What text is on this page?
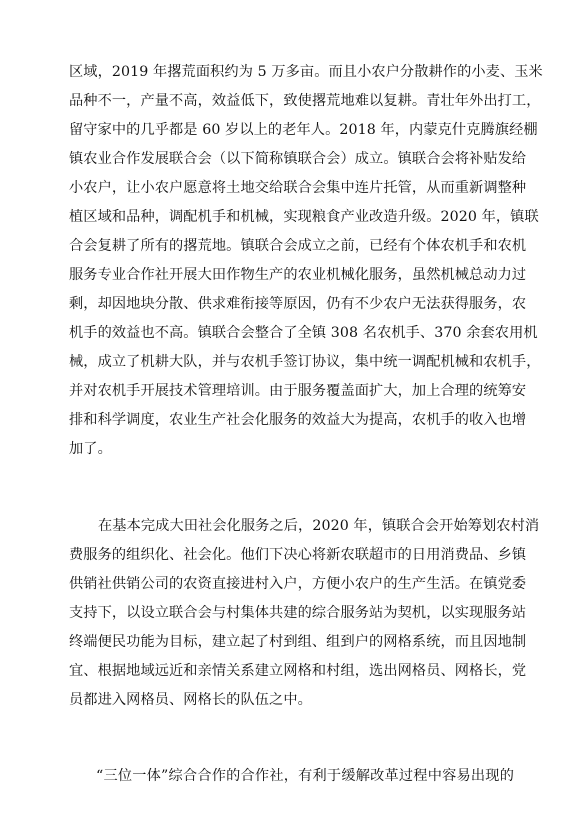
区域，2019 年撂荒面积约为 5 万多亩。而且小农户分散耕作的小麦、玉米
品种不一，产量不高，效益低下，致使撂荒地难以复耕。青壮年外出打工，
留守家中的几乎都是 60 岁以上的老年人。2018 年，内蒙克什克腾旗经棚
镇农业合作发展联合会（以下简称镇联合会）成立。镇联合会将补贴发给
小农户，让小农户愿意将土地交给联合会集中连片托管，从而重新调整种
植区域和品种，调配机手和机械，实现粮食产业改造升级。2020 年，镇联
合会复耕了所有的撂荒地。镇联合会成立之前，已经有个体农机手和农机
服务专业合作社开展大田作物生产的农业机械化服务，虽然机械总动力过
剩，却因地块分散、供求难衔接等原因，仍有不少农户无法获得服务，农
机手的效益也不高。镇联合会整合了全镇 308 名农机手、370 余套农用机
械，成立了机耕大队，并与农机手签订协议，集中统一调配机械和农机手，
并对农机手开展技术管理培训。由于服务覆盖面扩大，加上合理的统筹安
排和科学调度，农业生产社会化服务的效益大为提高，农机手的收入也增
加了。
在基本完成大田社会化服务之后，2020 年，镇联合会开始筹划农村消
费服务的组织化、社会化。他们下决心将新农联超市的日用消费品、乡镇
供销社供销公司的农资直接进村入户，方便小农户的生产生活。在镇党委
支持下，以设立联合会与村集体共建的综合服务站为契机，以实现服务站
终端便民功能为目标，建立起了村到组、组到户的网格系统，而且因地制
宜、根据地域远近和亲情关系建立网格和村组，选出网格员、网格长，党
员都进入网格员、网格长的队伍之中。
“三位一体”综合合作的合作社，有利于缓解改革过程中容易出现的
